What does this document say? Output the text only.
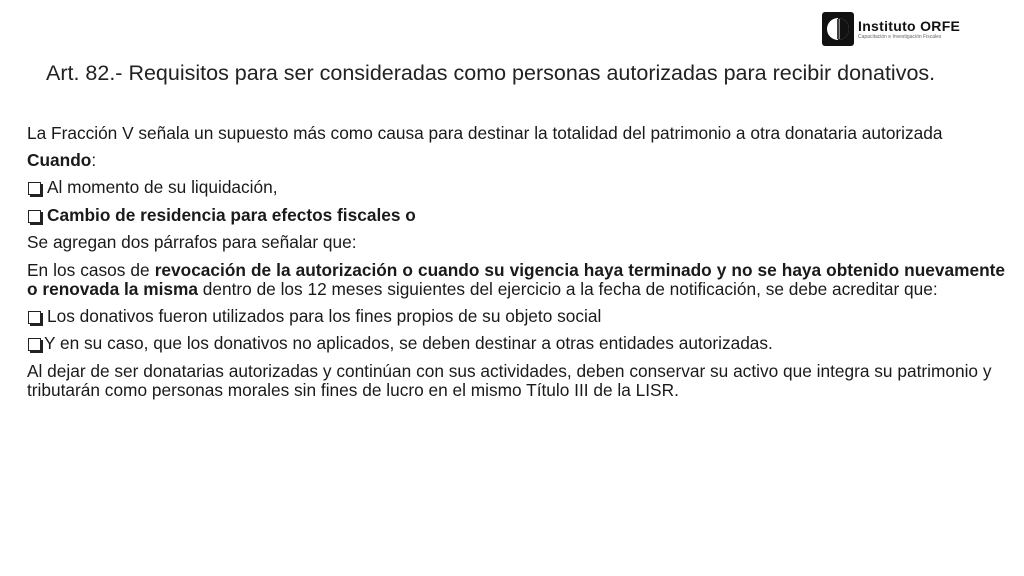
Instituto ORFE
Capacitación e Investigación Fiscales
Art. 82.- Requisitos para ser consideradas como personas autorizadas para recibir donativos.

La Fracción V señala un supuesto más como causa para destinar la totalidad del patrimonio a otra donataria autorizada

Cuando:

Al momento de su liquidación,

Cambio de residencia para efectos fiscales o

Se agregan dos párrafos para señalar que:

En los casos de revocación de la autorización o cuando su vigencia haya terminado y no se haya obtenido nuevamente o renovada la misma dentro de los 12 meses siguientes del ejercicio a la fecha de notificación, se debe acreditar que:

Los donativos fueron utilizados para los fines propios de su objeto social

Y en su caso, que los donativos no aplicados, se deben destinar a otras entidades autorizadas.

Al dejar de ser donatarias autorizadas y continúan con sus actividades, deben conservar su activo que integra su patrimonio y tributarán como personas morales sin fines de lucro en el mismo Título III de la LISR.
